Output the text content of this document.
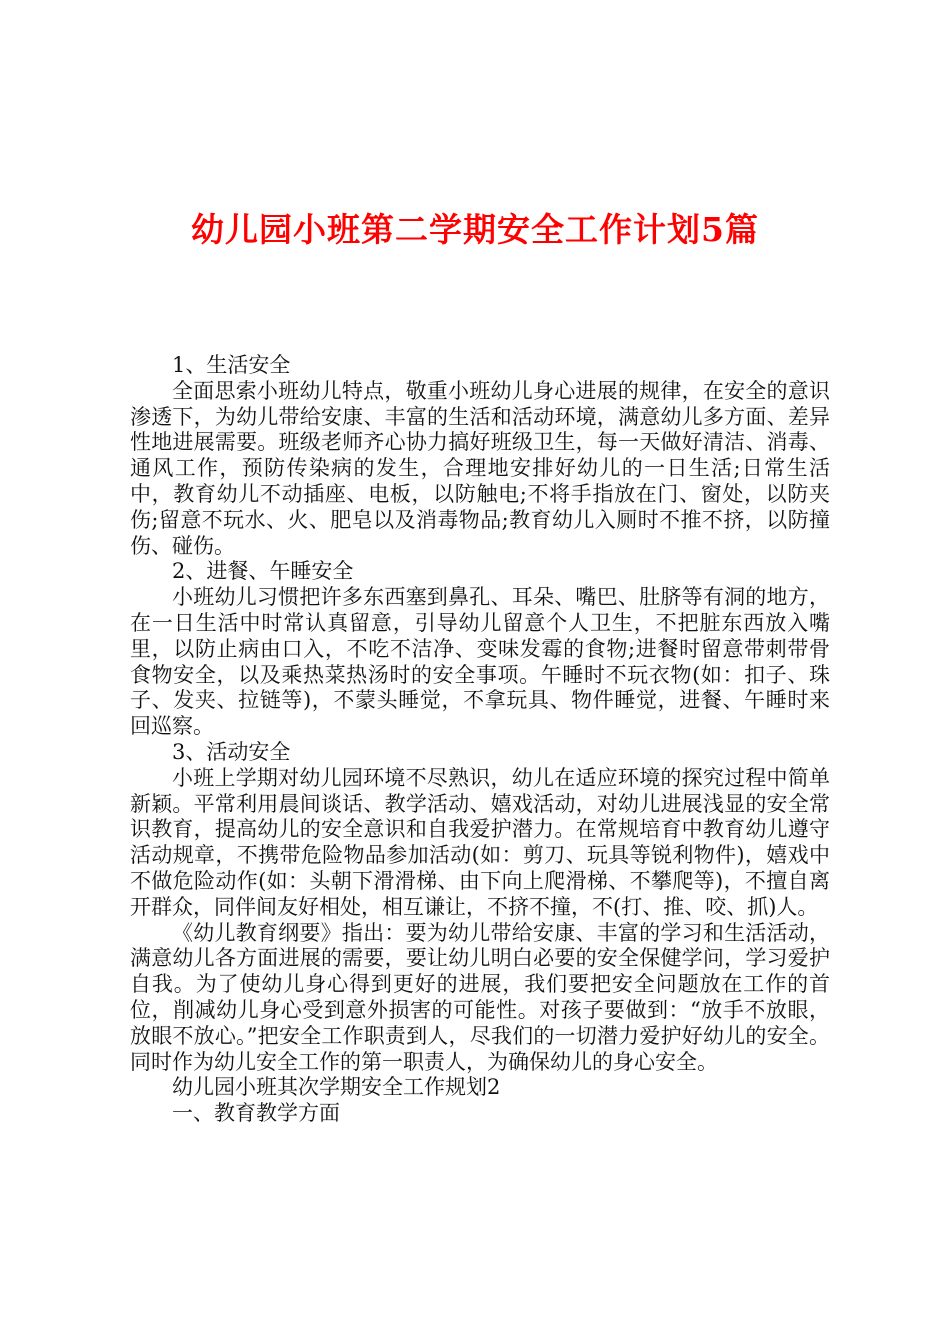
幼儿园小班第二学期安全工作计划5篇

1、生活安全

全面思索小班幼儿特点，敬重小班幼儿身心进展的规律，在安全的意识渗透下，为幼儿带给安康、丰富的生活和活动环境，满意幼儿多方面、差异性地进展需要。班级老师齐心协力搞好班级卫生，每一天做好清洁、消毒、通风工作，预防传染病的发生，合理地安排好幼儿的一日生活;日常生活中，教育幼儿不动插座、电板，以防触电;不将手指放在门、窗处，以防夹伤;留意不玩水、火、肥皂以及消毒物品;教育幼儿入厕时不推不挤，以防撞伤、碰伤。

2、进餐、午睡安全

小班幼儿习惯把许多东西塞到鼻孔、耳朵、嘴巴、肚脐等有洞的地方，在一日生活中时常认真留意，引导幼儿留意个人卫生，不把脏东西放入嘴里，以防止病由口入，不吃不洁净、变味发霉的食物;进餐时留意带刺带骨食物安全，以及乘热菜热汤时的安全事项。午睡时不玩衣物(如：扣子、珠子、发夹、拉链等)，不蒙头睡觉，不拿玩具、物件睡觉，进餐、午睡时来回巡察。

3、活动安全

小班上学期对幼儿园环境不尽熟识，幼儿在适应环境的探究过程中简单新颖。平常利用晨间谈话、教学活动、嬉戏活动，对幼儿进展浅显的安全常识教育，提高幼儿的安全意识和自我爱护潜力。在常规培育中教育幼儿遵守活动规章，不携带危险物品参加活动(如：剪刀、玩具等锐利物件)，嬉戏中不做危险动作(如：头朝下滑滑梯、由下向上爬滑梯、不攀爬等)，不擅自离开群众，同伴间友好相处，相互谦让，不挤不撞，不(打、推、咬、抓)人。

《幼儿教育纲要》指出：要为幼儿带给安康、丰富的学习和生活活动，满意幼儿各方面进展的需要，要让幼儿明白必要的安全保健学问，学习爱护自我。为了使幼儿身心得到更好的进展，我们要把安全问题放在工作的首位，削减幼儿身心受到意外损害的可能性。对孩子要做到：“放手不放眼，放眼不放心。”把安全工作职责到人，尽我们的一切潜力爱护好幼儿的安全。同时作为幼儿安全工作的第一职责人，为确保幼儿的身心安全。

幼儿园小班其次学期安全工作规划2

一、教育教学方面
